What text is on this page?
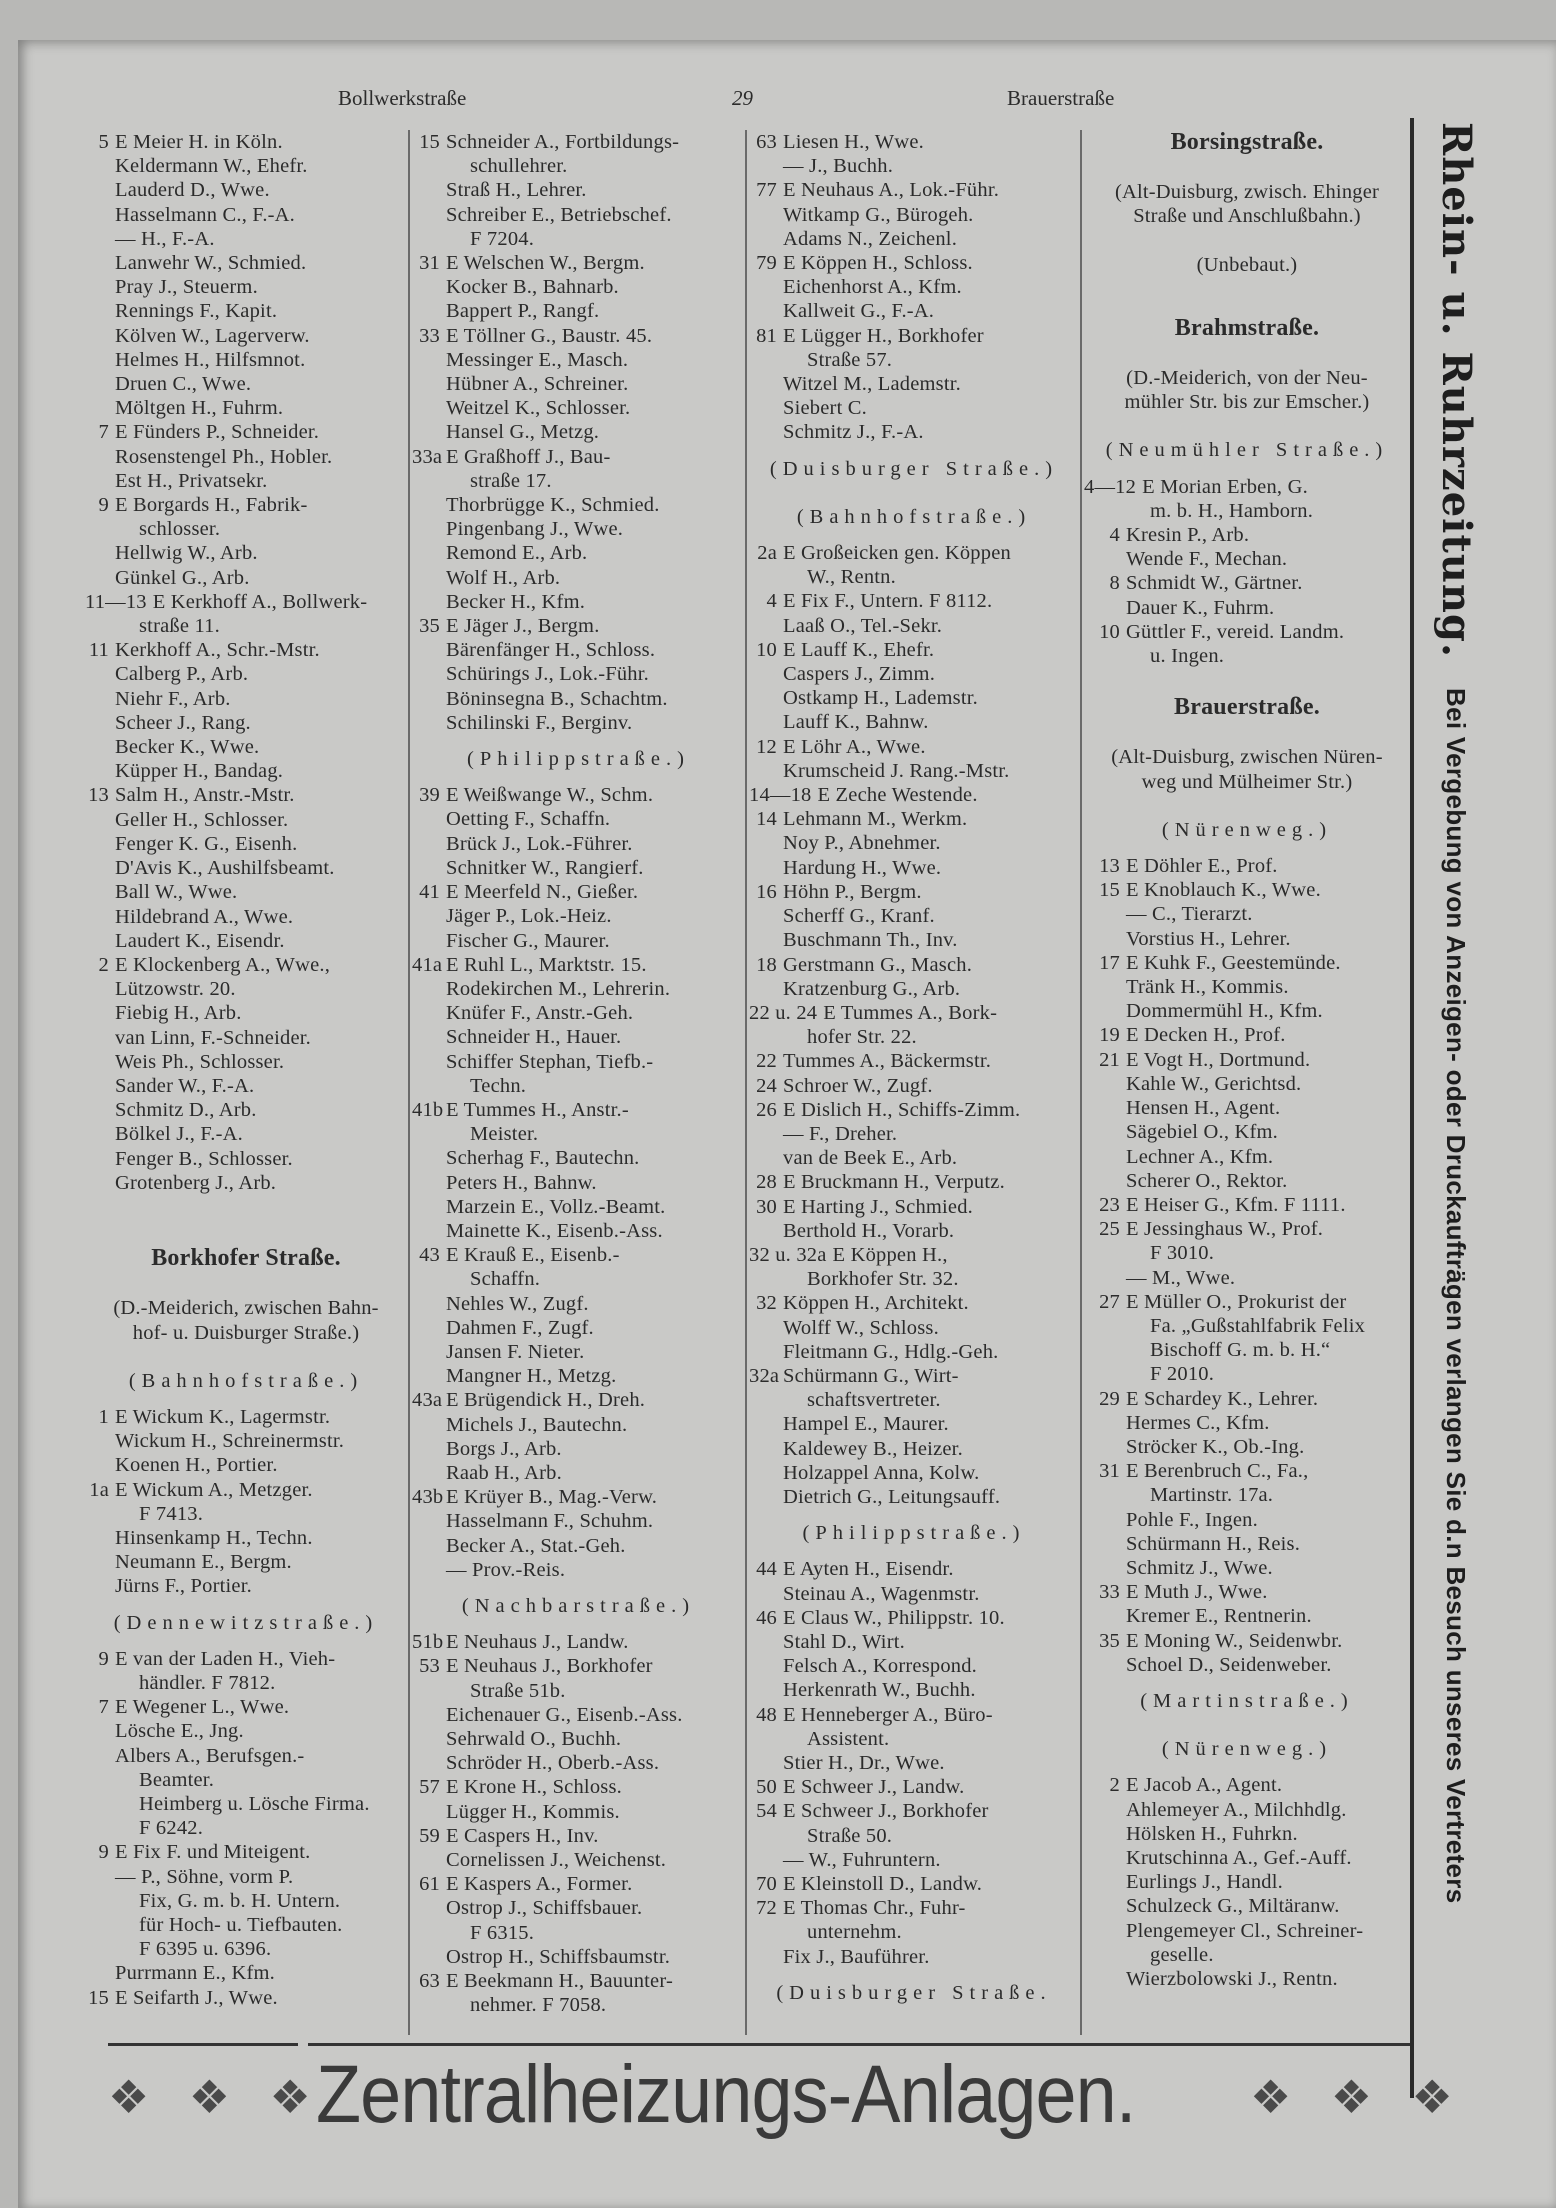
Bollwerkstraße	29	Brauerstraße
5 E Meier H. in Köln.
Keldermann W., Ehefr.
Lauderd D., Wwe.
Hasselmann C., F.-A.
— H., F.-A.
Lanwehr W., Schmied.
Pray J., Steuerm.
Rennings F., Kapit.
Kölven W., Lagerverw.
Helmes H., Hilfsmnot.
Druen C., Wwe.
Möltgen H., Fuhrm.
7 E Fünders P., Schneider.
Rosenstengel Ph., Hobler.
Est H., Privatsekr.
9 E Borgards H., Fabrik-
schlosser.
Hellwig W., Arb.
Günkel G., Arb.
11—13 E Kerkhoff A., Bollwerk-
straße 11.
11 Kerkhoff A., Schr.-Mstr.
Calberg P., Arb.
Niehr F., Arb.
Scheer J., Rang.
Becker K., Wwe.
Küpper H., Bandag.
13 Salm H., Anstr.-Mstr.
Geller H., Schlosser.
Fenger K. G., Eisenh.
D'Avis K., Aushilfsbeamt.
Ball W., Wwe.
Hildebrand A., Wwe.
Laudert K., Eisendr.
2 E Klockenberg A., Wwe.,
Lützowstr. 20.
Fiebig H., Arb.
van Linn, F.-Schneider.
Weis Ph., Schlosser.
Sander W., F.-A.
Schmitz D., Arb.
Bölkel J., F.-A.
Fenger B., Schlosser.
Grotenberg J., Arb.
Borkhofer Straße.
(D.-Meiderich, zwischen Bahn-
hof- u. Duisburger Straße.)
(Bahnhofstraße.)
1 E Wickum K., Lagermstr.
Wickum H., Schreinermstr.
Koenen H., Portier.
1a E Wickum A., Metzger.
F 7413.
Hinsenkamp H., Techn.
Neumann E., Bergm.
Jürns F., Portier.
(Dennewitzstraße.)
9 E van der Laden H., Vieh-
händler. F 7812.
7 E Wegener L., Wwe.
Lösche E., Jng.
Albers A., Berufsgen.-
Beamter.
Heimberg u. Lösche Firma.
F 6242.
9 E Fix F. und Miteigent.
— P., Söhne, vorm P.
Fix, G. m. b. H. Untern.
für Hoch- u. Tiefbauten.
F 6395 u. 6396.
Purrmann E., Kfm.
15 E Seifarth J., Wwe.
15 Schneider A., Fortbildungs-
schullehrer.
Straß H., Lehrer.
Schreiber E., Betriebschef.
F 7204.
31 E Welschen W., Bergm.
Kocker B., Bahnarb.
Bappert P., Rangf.
33 E Töllner G., Baustr. 45.
Messinger E., Masch.
Hübner A., Schreiner.
Weitzel K., Schlosser.
Hansel G., Metzg.
33a E Graßhoff J., Bau-
straße 17.
Thorbrügge K., Schmied.
Pingenbang J., Wwe.
Remond E., Arb.
Wolf H., Arb.
Becker H., Kfm.
35 E Jäger J., Bergm.
Bärenfänger H., Schloss.
Schürings J., Lok.-Führ.
Böninsegna B., Schachtm.
Schilinski F., Berginv.
(Philippstraße.)
39 E Weißwange W., Schm.
Oetting F., Schaffn.
Brück J., Lok.-Führer.
Schnitker W., Rangierf.
41 E Meerfeld N., Gießer.
Jäger P., Lok.-Heiz.
Fischer G., Maurer.
41a E Ruhl L., Marktstr. 15.
Rodekirchen M., Lehrerin.
Knüfer F., Anstr.-Geh.
Schneider H., Hauer.
Schiffer Stephan, Tiefb.-
Techn.
41b E Tummes H., Anstr.-
Meister.
Scherhag F., Bautechn.
Peters H., Bahnw.
Marzein E., Vollz.-Beamt.
Mainette K., Eisenb.-Ass.
43 E Krauß E., Eisenb.-
Schaffn.
Nehles W., Zugf.
Dahmen F., Zugf.
Jansen F. Nieter.
Mangner H., Metzg.
43a E Brügendick H., Dreh.
Michels J., Bautechn.
Borgs J., Arb.
Raab H., Arb.
43b E Krüyer B., Mag.-Verw.
Hasselmann F., Schuhm.
Becker A., Stat.-Geh.
— Prov.-Reis.
(Nachbarstraße.)
51b E Neuhaus J., Landw.
53 E Neuhaus J., Borkhofer
Straße 51b.
Eichenauer G., Eisenb.-Ass.
Sehrwald O., Buchh.
Schröder H., Oberb.-Ass.
57 E Krone H., Schloss.
Lügger H., Kommis.
59 E Caspers H., Inv.
Cornelissen J., Weichenst.
61 E Kaspers A., Former.
Ostrop J., Schiffsbauer.
F 6315.
Ostrop H., Schiffsbaumstr.
63 E Beekmann H., Bauunter-
nehmer. F 7058.
63 Liesen H., Wwe.
— J., Buchh.
77 E Neuhaus A., Lok.-Führ.
Witkamp G., Bürogeh.
Adams N., Zeichenl.
79 E Köppen H., Schloss.
Eichenhorst A., Kfm.
Kallweit G., F.-A.
81 E Lügger H., Borkhofer
Straße 57.
Witzel M., Lademstr.
Siebert C.
Schmitz J., F.-A.
(Duisburger Straße.)
(Bahnhofstraße.)
2a E Großeicken gen. Köppen
W., Rentn.
4 E Fix F., Untern. F 8112.
Laaß O., Tel.-Sekr.
10 E Lauff K., Ehefr.
Caspers J., Zimm.
Ostkamp H., Lademstr.
Lauff K., Bahnw.
12 E Löhr A., Wwe.
Krumscheid J. Rang.-Mstr.
14—18 E Zeche Westende.
14 Lehmann M., Werkm.
Noy P., Abnehmer.
Hardung H., Wwe.
16 Höhn P., Bergm.
Scherff G., Kranf.
Buschmann Th., Inv.
18 Gerstmann G., Masch.
Kratzenburg G., Arb.
22 u. 24 E Tummes A., Bork-
hofer Str. 22.
22 Tummes A., Bäckermstr.
24 Schroer W., Zugf.
26 E Dislich H., Schiffs-Zimm.
— F., Dreher.
van de Beek E., Arb.
28 E Bruckmann H., Verputz.
30 E Harting J., Schmied.
Berthold H., Vorarb.
32 u. 32a E Köppen H.,
Borkhofer Str. 32.
32 Köppen H., Architekt.
Wolff W., Schloss.
Fleitmann G., Hdlg.-Geh.
32a Schürmann G., Wirt-
schaftsvertreter.
Hampel E., Maurer.
Kaldewey B., Heizer.
Holzappel Anna, Kolw.
Dietrich G., Leitungsauff.
(Philippstraße.)
44 E Ayten H., Eisendr.
Steinau A., Wagenmstr.
46 E Claus W., Philippstr. 10.
Stahl D., Wirt.
Felsch A., Korrespond.
Herkenrath W., Buchh.
48 E Henneberger A., Büro-
Assistent.
Stier H., Dr., Wwe.
50 E Schweer J., Landw.
54 E Schweer J., Borkhofer
Straße 50.
— W., Fuhruntern.
70 E Kleinstoll D., Landw.
72 E Thomas Chr., Fuhr-
unternehm.
Fix J., Bauführer.
(Duisburger Straße.
Borsingstraße.
(Alt-Duisburg, zwisch. Ehinger
Straße und Anschlußbahn.)
(Unbebaut.)
Brahmstraße.
(D.-Meiderich, von der Neu-
mühler Str. bis zur Emscher.)
(Neumühler Straße.)
4—12 E Morian Erben, G.
m. b. H., Hamborn.
4 Kresin P., Arb.
Wende F., Mechan.
8 Schmidt W., Gärtner.
Dauer K., Fuhrm.
10 Güttler F., vereid. Landm.
u. Ingen.
Brauerstraße.
(Alt-Duisburg, zwischen Nüren-
weg und Mülheimer Str.)
(Nürenweg.)
13 E Döhler E., Prof.
15 E Knoblauch K., Wwe.
— C., Tierarzt.
Vorstius H., Lehrer.
17 E Kuhk F., Geestemünde.
Tränk H., Kommis.
Dommermühl H., Kfm.
19 E Decken H., Prof.
21 E Vogt H., Dortmund.
Kahle W., Gerichtsd.
Hensen H., Agent.
Sägebiel O., Kfm.
Lechner A., Kfm.
Scherer O., Rektor.
23 E Heiser G., Kfm. F 1111.
25 E Jessinghaus W., Prof.
F 3010.
— M., Wwe.
27 E Müller O., Prokurist der
Fa. „Gußstahlfabrik Felix
Bischoff G. m. b. H.“
F 2010.
29 E Schardey K., Lehrer.
Hermes C., Kfm.
Ströcker K., Ob.-Ing.
31 E Berenbruch C., Fa.,
Martinstr. 17a.
Pohle F., Ingen.
Schürmann H., Reis.
Schmitz J., Wwe.
33 E Muth J., Wwe.
Kremer E., Rentnerin.
35 E Moning W., Seidenwbr.
Schoel D., Seidenweber.
(Martinstraße.)
(Nürenweg.)
2 E Jacob A., Agent.
Ahlemeyer A., Milchhdlg.
Hölsken H., Fuhrkn.
Krutschinna A., Gef.-Auff.
Eurlings J., Handl.
Schulzeck G., Miltäranw.
Plengemeyer Cl., Schreiner-
geselle.
Wierzbolowski J., Rentn.
Rhein- u. Ruhrzeitung. Bei Vergebung von Anzeigen- oder Druckaufträgen verlangen Sie d.n Besuch unseres Vertreters
❖ ❖ ❖
Zentralheizungs-Anlagen. ❖ ❖ ❖
